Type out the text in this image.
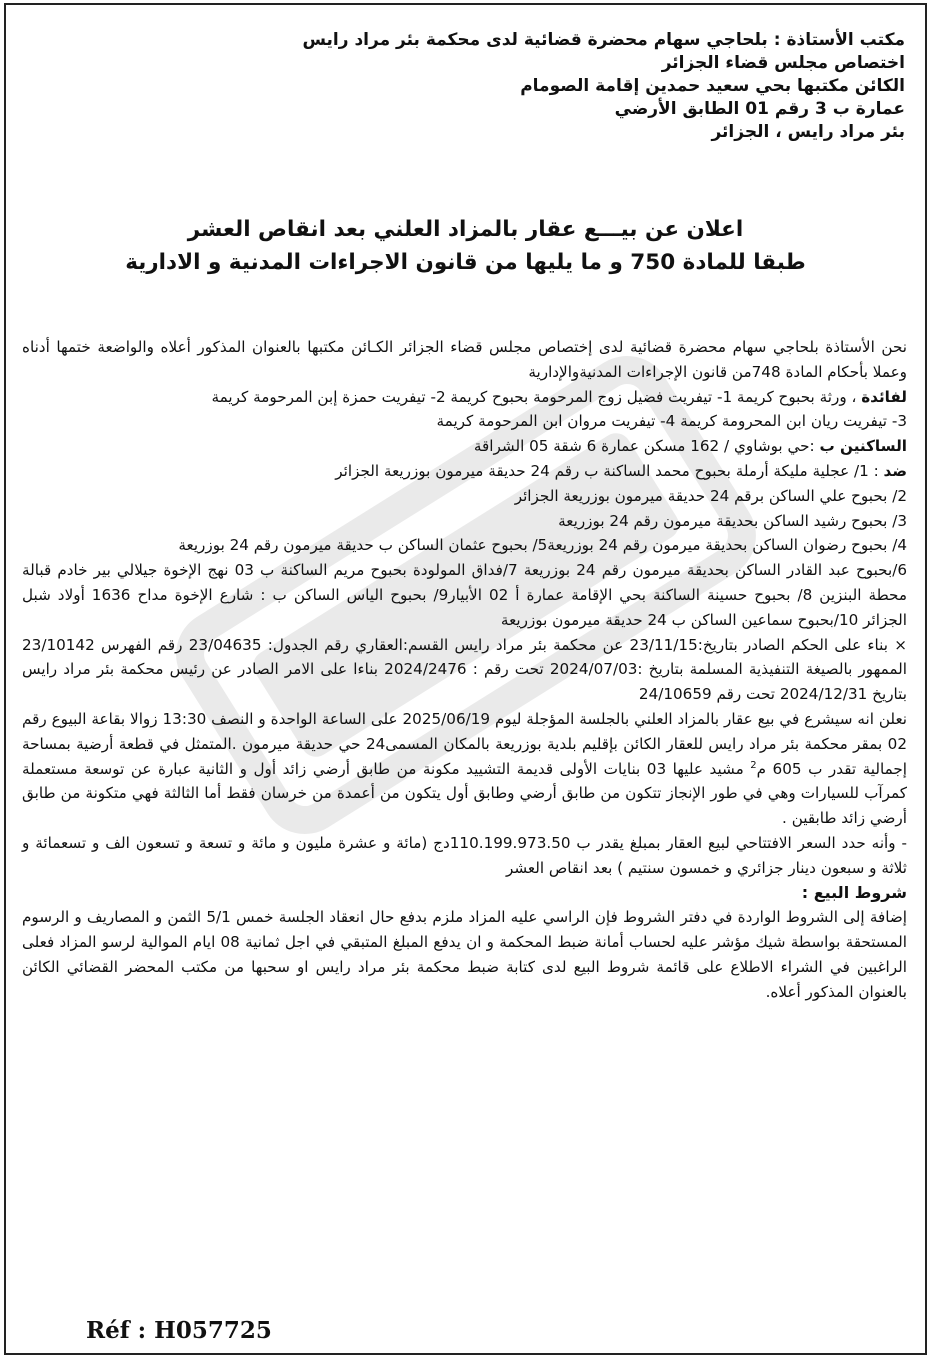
مكتب الأستاذة : بلحاجي سهام محضرة قضائية لدى محكمة بئر مراد رايس
اختصاص مجلس قضاء الجزائر
الكائن مكتبها بحي سعيد حمدين إقامة الصومام
عمارة ب 3 رقم 01 الطابق الأرضي
بئر مراد رايس ، الجزائر
اعلان عن بيـــع عقار بالمزاد العلني بعد انقاص العشر
طبقا للمادة 750 و ما يليها من قانون الاجراءات المدنية و الادارية

نحن الأستاذة بلحاجي سهام محضرة قضائية لدى إختصاص مجلس قضاء الجزائر الكـائن مكتبها بالعنوان المذكور أعلاه والواضعة ختمها أدناه وعملا بأحكام المادة 748من قانون الإجراءات المدنيةوالإدارية

لفائدة ، ورثة بحبوح كريمة 1- تيفريت فضيل زوج المرحومة بحبوح كريمة 2- تيفريت حمزة إبن المرحومة كريمة

3- تيفريت ريان ابن المحرومة كريمة 4- تيفريت مروان ابن المرحومة كريمة

الساكنين ب :حي بوشاوي / 162 مسكن عمارة 6 شقة 05 الشراقة

ضد : 1/ عجلية مليكة أرملة بحبوح محمد الساكنة ب رقم 24 حديقة ميرمون بوزريعة الجزائر

2/ بحبوح علي الساكن برقم 24 حديقة ميرمون بوزريعة الجزائر

3/ بحبوح رشيد الساكن بحديقة ميرمون رقم 24 بوزريعة

4/ بحبوح رضوان الساكن بحديقة ميرمون رقم 24 بوزريعة5/ بحبوح عثمان الساكن ب حديقة ميرمون رقم 24 بوزريعة

6/بحبوح عبد القادر الساكن بحديقة ميرمون رقم 24 بوزريعة 7/فداق المولودة بحبوح مريم الساكنة ب 03 نهج الإخوة جيلالي بير خادم قبالة محطة البنزين 8/ بحبوح حسينة الساكنة بحي الإقامة عمارة أ 02 الأبيار9/ بحبوح الياس الساكن ب : شارع الإخوة مداح 1636 أولاد شبل الجزائر 10/بحبوح سماعين الساكن ب 24 حديقة ميرمون بوزريعة

× بناء على الحكم الصادر بتاريخ:23/11/15 عن محكمة بئر مراد رايس القسم:العقاري رقم الجدول: 23/04635 رقم الفهرس 23/10142 الممهور بالصيغة التنفيذية المسلمة بتاريخ :2024/07/03 تحت رقم : 2024/2476 بناءا على الامر الصادر عن رئيس محكمة بئر مراد رايس بتاريخ 2024/12/31 تحت رقم 24/10659

نعلن انه سيشرع في بيع عقار بالمزاد العلني بالجلسة المؤجلة ليوم 2025/06/19 على الساعة الواحدة و النصف 13:30 زوالا بقاعة البيوع رقم 02 بمقر محكمة بئر مراد رايس للعقار الكائن بإقليم بلدية بوزريعة بالمكان المسمى24 حي حديقة ميرمون .المتمثل في قطعة أرضية بمساحة إجمالية تقدر ب 605 م$^2$ مشيد عليها 03 بنايات الأولى قديمة التشييد مكونة من طابق أرضي زائد أول و الثانية عبارة عن توسعة مستعملة كمرآب للسيارات وهي في طور الإنجاز تتكون من طابق أرضي وطابق أول يتكون من أعمدة من خرسان فقط أما الثالثة فهي متكونة من طابق أرضي زائد طابقين .

- وأنه حدد السعر الافتتاحي لبيع العقار بمبلغ يقدر ب 110.199.973.50دج (مائة و عشرة مليون و مائة و تسعة و تسعون الف و تسعمائة و ثلاثة و سبعون دينار جزائري و خمسون سنتيم ) بعد انقاص العشر

شروط البيع :

إضافة إلى الشروط الواردة في دفتر الشروط فإن الراسي عليه المزاد ملزم بدفع حال انعقاد الجلسة خمس 5/1 الثمن و المصاريف و الرسوم المستحقة بواسطة شيك مؤشر عليه لحساب أمانة ضبط المحكمة و ان يدفع المبلغ المتبقي في اجل ثمانية 08 ايام الموالية لرسو المزاد فعلى الراغبين في الشراء الاطلاع على قائمة شروط البيع لدى كتابة ضبط محكمة بئر مراد رايس او سحبها من مكتب المحضر القضائي الكائن بالعنوان المذكور أعلاه.

Réf : H057725
